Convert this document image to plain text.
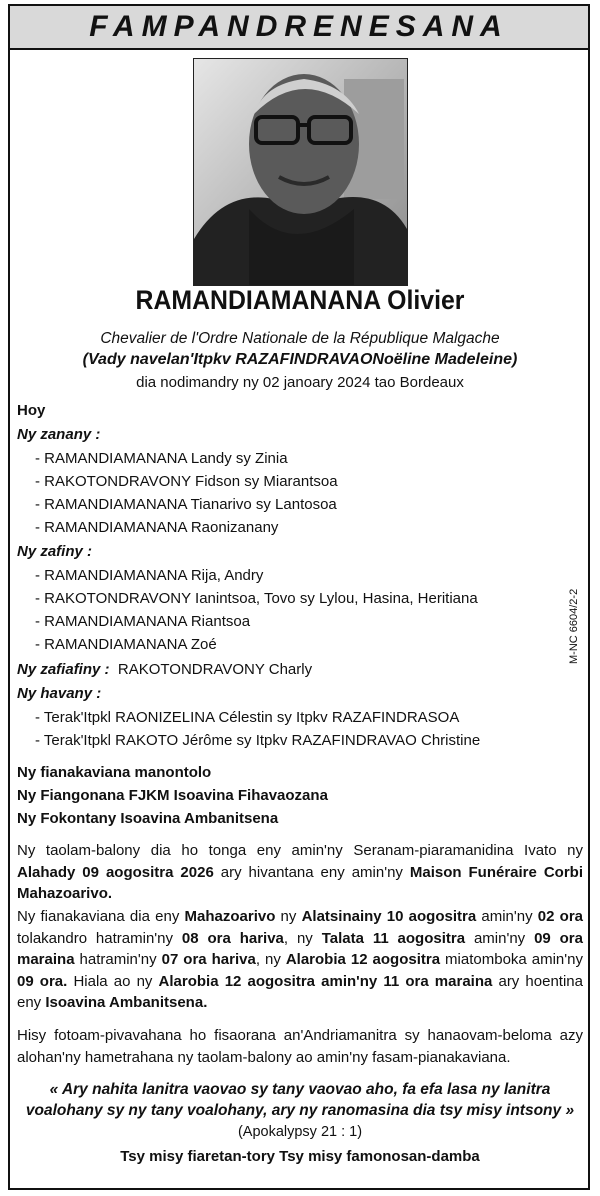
FAMPANDRENESANA
RAMANDIAMANANA Olivier
Chevalier de l'Ordre Nationale de la République Malgache
(Vady navelan'Itpkv RAZAFINDRAVAONoëline Madeleine)
dia nodimandry ny 02 janoary 2024 tao Bordeaux
Hoy
Ny zanany :
- RAMANDIAMANANA Landy sy Zinia
- RAKOTONDRAVONY Fidson sy Miarantsoa
- RAMANDIAMANANA Tianarivo sy Lantosoa
- RAMANDIAMANANA Raonizanany
Ny zafiny :
- RAMANDIAMANANA Rija, Andry
- RAKOTONDRAVONY Ianintsoa, Tovo sy Lylou, Hasina, Heritiana
- RAMANDIAMANANA Riantsoa
- RAMANDIAMANANA Zoé
Ny zafiafiny : RAKOTONDRAVONY Charly
Ny havany :
- Terak'Itpkl RAONIZELINA Célestin sy Itpkv RAZAFINDRASOA
- Terak'Itpkl RAKOTO Jérôme sy Itpkv RAZAFINDRAVAO Christine
Ny fianakaviana manontolo
Ny Fiangonana FJKM Isoavina Fihavaozana
Ny Fokontany Isoavina Ambanitsena
Ny taolam-balony dia ho tonga eny amin'ny Seranam-piaramanidina Ivato ny Alahady 09 aogositra 2026 ary hivantana eny amin'ny Maison Funéraire Corbi Mahazoarivo.
Ny fianakaviana dia eny Mahazoarivo ny Alatsinainy 10 aogositra amin'ny 02 ora tolakandro hatramin'ny 08 ora hariva, ny Talata 11 aogositra amin'ny 09 ora maraina hatramin'ny 07 ora hariva, ny Alarobia 12 aogositra miatomboka amin'ny 09 ora. Hiala ao ny Alarobia 12 aogositra amin'ny 11 ora maraina ary hoentina eny Isoavina Ambanitsena.
Hisy fotoam-pivavahana ho fisaorana an'Andriamanitra sy hanaovam-beloma azy alohan'ny hametrahana ny taolam-balony ao amin'ny fasam-pianakaviana.
« Ary nahita lanitra vaovao sy tany vaovao aho, fa efa lasa ny lanitra voalohany sy ny tany voalohany, ary ny ranomasina dia tsy misy intsony »
(Apokalypsy 21 : 1)
Tsy misy fiaretan-tory Tsy misy famonosan-damba
M-NC 6604/2-2
